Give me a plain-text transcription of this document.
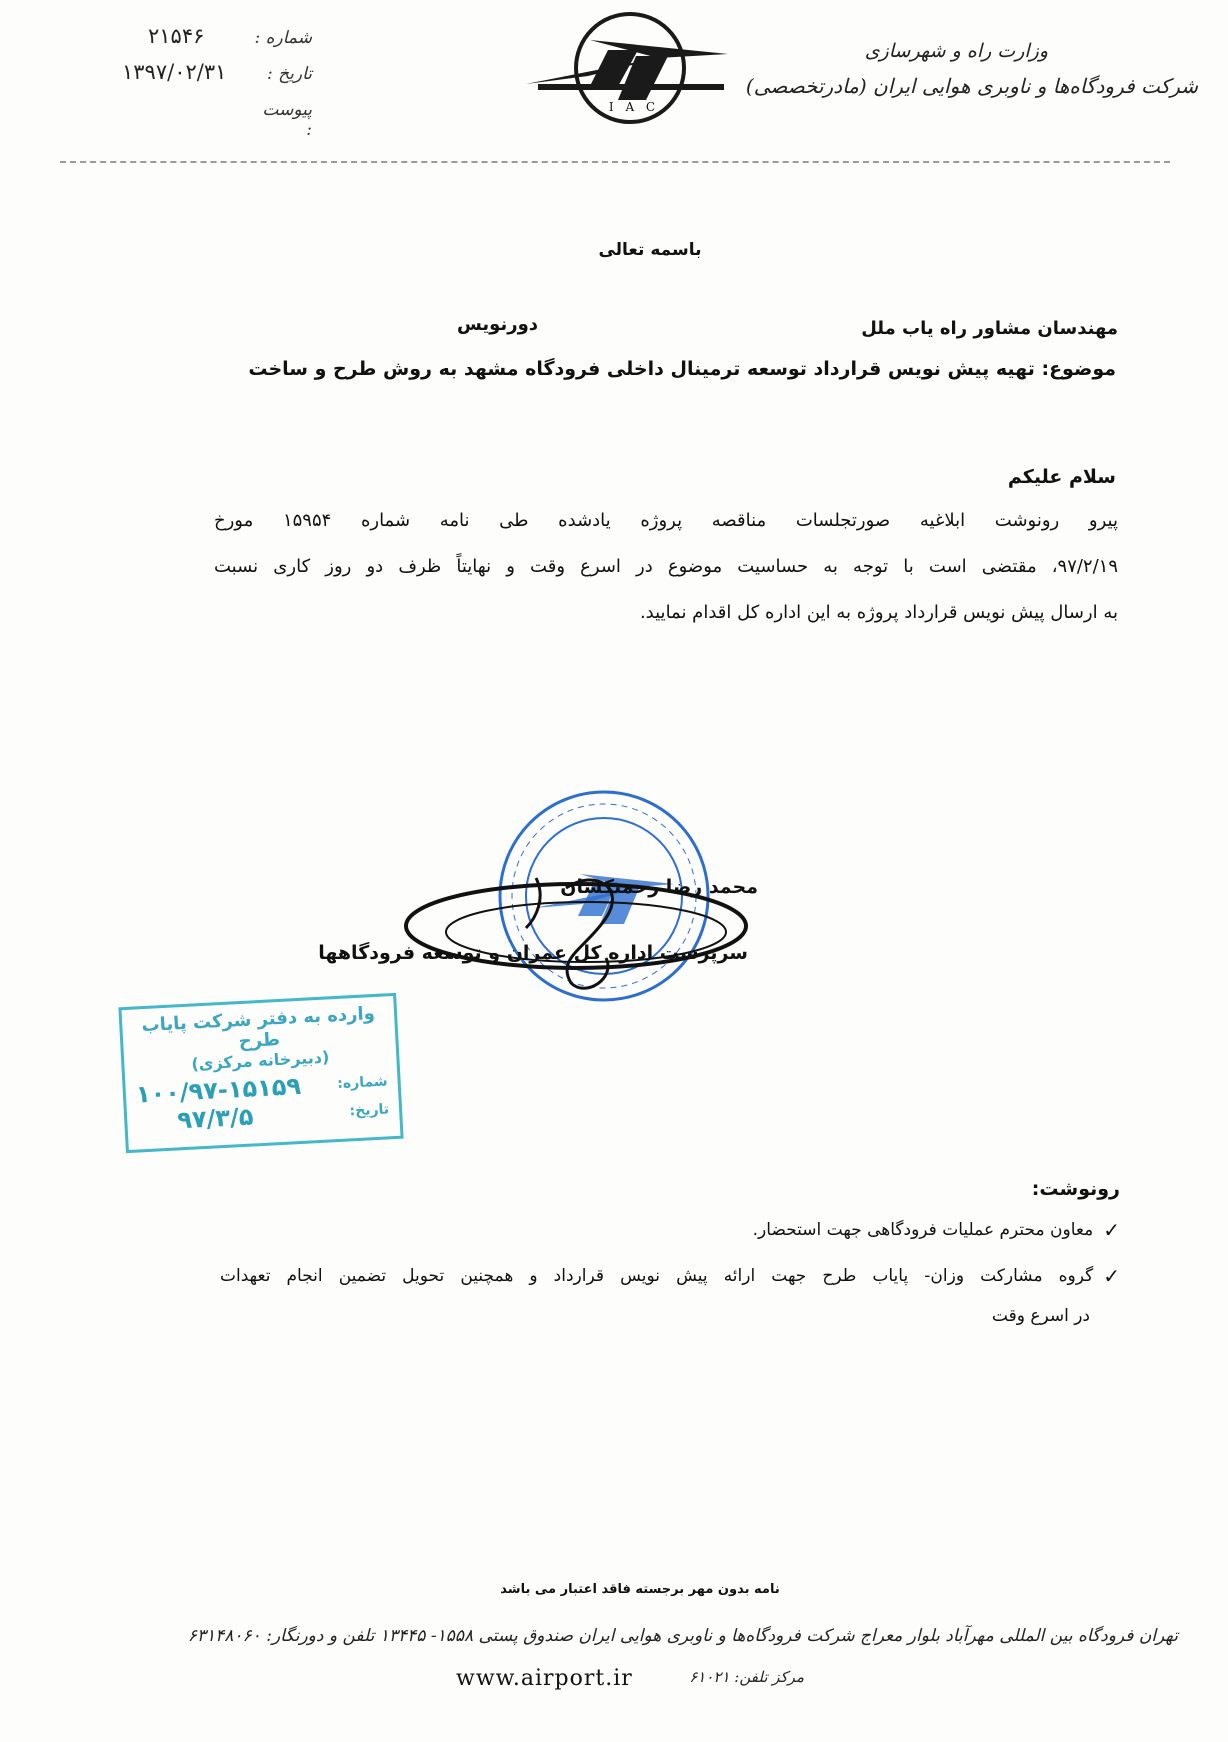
۲۱۵۴۶	شماره :
۱۳۹۷/۰۲/۳۱	تاریخ :
پیوست :
I A C
وزارت راه و شهرسازی
شرکت فرودگاه‌ها و ناوبری هوایی ایران (مادرتخصصی)
باسمه تعالی
مهندسان مشاور راه یاب ملل
دورنویس
موضوع: تهیه پیش نویس قرارداد توسعه ترمینال داخلی فرودگاه مشهد به روش طرح و ساخت
سلام علیکم
پیرو رونوشت ابلاغیه صورتجلسات مناقصه پروژه یادشده طی نامه شماره ۱۵۹۵۴ مورخ
۹۷/۲/۱۹، مقتضی است با توجه به حساسیت موضوع در اسرع وقت و نهایتاً ظرف دو روز کاری نسبت
به ارسال پیش نویس قرارداد پروژه به این اداره کل اقدام نمایید.
محمد رضا رحمتکشان
سرپرست اداره کل عمران و توسعه فرودگاهها
وارده به دفتر شرکت پایاب طرح
(دبیرخانه مرکزی)
شماره:
۱۰۰/۹۷-۱۵۱۵۹
تاریخ:
۹۷/۳/۵
رونوشت:
✓
معاون محترم عملیات فرودگاهی جهت استحضار.
✓
گروه مشارکت وزان- پایاب طرح جهت ارائه پیش نویس قرارداد و همچنین تحویل تضمین انجام تعهدات
در اسرع وقت
نامه بدون مهر برجسته فاقد اعتبار می باشد
تهران فرودگاه بین المللی مهرآباد بلوار معراج شرکت فرودگاه‌ها و ناوبری هوایی ایران صندوق پستی ۱۵۵۸- ۱۳۴۴۵ تلفن و دورنگار: ۶۳۱۴۸۰۶۰
مرکز تلفن: ۶۱۰۲۱
www.airport.ir
